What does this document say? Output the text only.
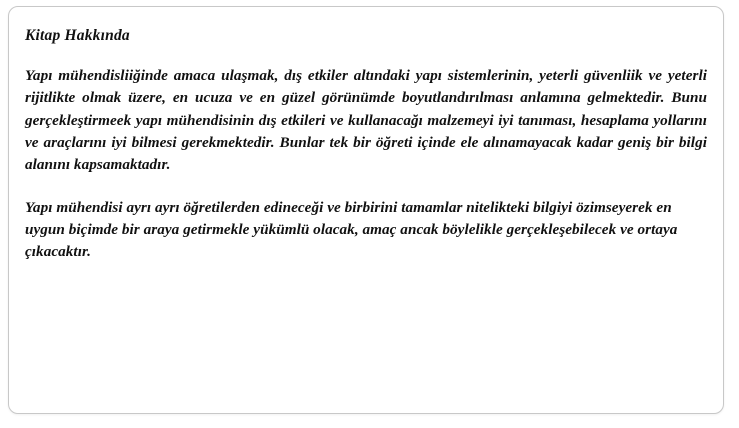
Kitap Hakkında

Yapı mühendisliiğinde amaca ulaşmak, dış etkiler altındaki yapı sistemlerinin, yeterli güvenliik ve yeterli rijitlikte olmak üzere, en ucuza ve en güzel görünümde boyutlandırılması anlamına gelmektedir. Bunu gerçekleştirmeek yapı mühendisinin dış etkileri ve kullanacağı malzemeyi iyi tanıması, hesaplama yollarını ve araçlarını iyi bilmesi gerekmektedir. Bunlar tek bir öğreti içinde ele alınamayacak kadar geniş bir bilgi alanını kapsamaktadır.

Yapı mühendisi ayrı ayrı öğretilerden edineceği ve birbirini tamamlar nitelikteki bilgiyi özimseyerek en uygun biçimde bir araya getirmekle yükümlü olacak, amaç ancak böylelikle gerçekleşebilecek ve ortaya çıkacaktır.
